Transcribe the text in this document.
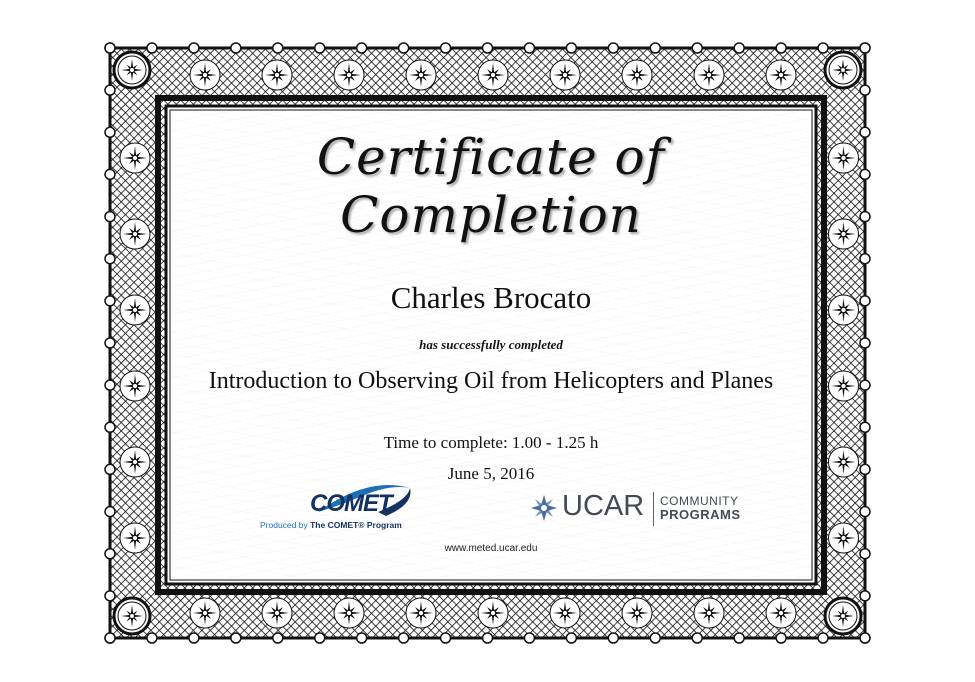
Certificate of Completion
Charles Brocato
has successfully completed
Introduction to Observing Oil from Helicopters and Planes
Time to complete: 1.00 - 1.25 h
June 5, 2016
COMET
Produced by The COMET® Program
UCAR COMMUNITY
PROGRAMS
www.meted.ucar.edu
